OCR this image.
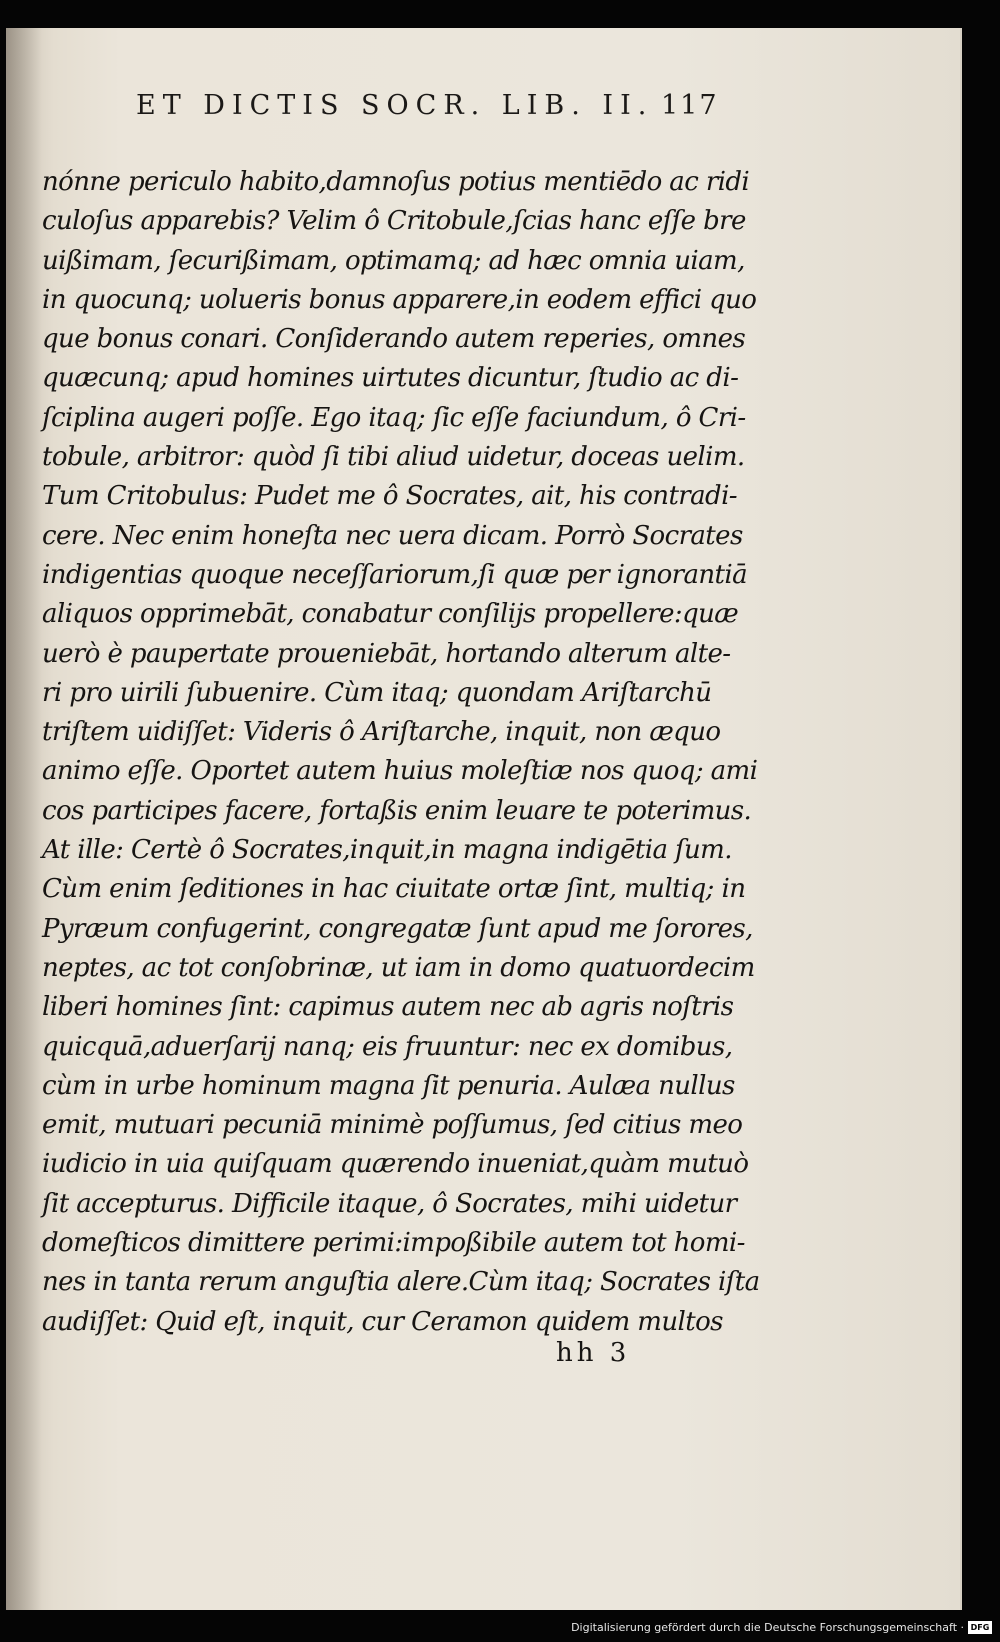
ET DICTIS SOCR. LIB. II. 117
nónne periculo habito,damnoſus potius mentiēdo ac ridi
culoſus apparebis? Velim ô Critobule,ſcias hanc eſſe bre
uißimam, ſecurißimam, optimamq; ad hæc omnia uiam,
in quocunq; uolueris bonus apparere,in eodem effici quo
que bonus conari. Conſiderando autem reperies, omnes
quæcunq; apud homines uirtutes dicuntur, ſtudio ac di-
ſciplina augeri poſſe. Ego itaq; ſic eſſe faciundum, ô Cri-
tobule, arbitror: quòd ſi tibi aliud uidetur, doceas uelim.
Tum Critobulus: Pudet me ô Socrates, ait, his contradi-
cere. Nec enim honeſta nec uera dicam. Porrò Socrates
indigentias quoque neceſſariorum,ſi quæ per ignorantiā
aliquos opprimebāt, conabatur conſilijs propellere:quæ
uerò è paupertate proueniebāt, hortando alterum alte-
ri pro uirili ſubuenire. Cùm itaq; quondam Ariſtarchū
triſtem uidiſſet: Videris ô Ariſtarche, inquit, non æquo
animo eſſe. Oportet autem huius moleſtiæ nos quoq; ami
cos participes facere, fortaßis enim leuare te poterimus.
At ille: Certè ô Socrates,inquit,in magna indigētia ſum.
Cùm enim ſeditiones in hac ciuitate ortæ ſint, multiq; in
Pyræum confugerint, congregatæ ſunt apud me ſorores,
neptes, ac tot conſobrinæ, ut iam in domo quatuordecim
liberi homines ſint: capimus autem nec ab agris noſtris
quicquā,aduerſarij nanq; eis fruuntur: nec ex domibus,
cùm in urbe hominum magna ſit penuria. Aulæa nullus
emit, mutuari pecuniā minimè poſſumus, ſed citius meo
iudicio in uia quiſquam quærendo inueniat,quàm mutuò
ſit accepturus. Difficile itaque, ô Socrates, mihi uidetur
domeſticos dimittere perimi:impoßibile autem tot homi-
nes in tanta rerum anguſtia alere.Cùm itaq; Socrates iſta
audiſſet: Quid eſt, inquit, cur Ceramon quidem multos
hh 3
Digitalisierung gefördert durch die Deutsche Forschungsgemeinschaft · DFG
